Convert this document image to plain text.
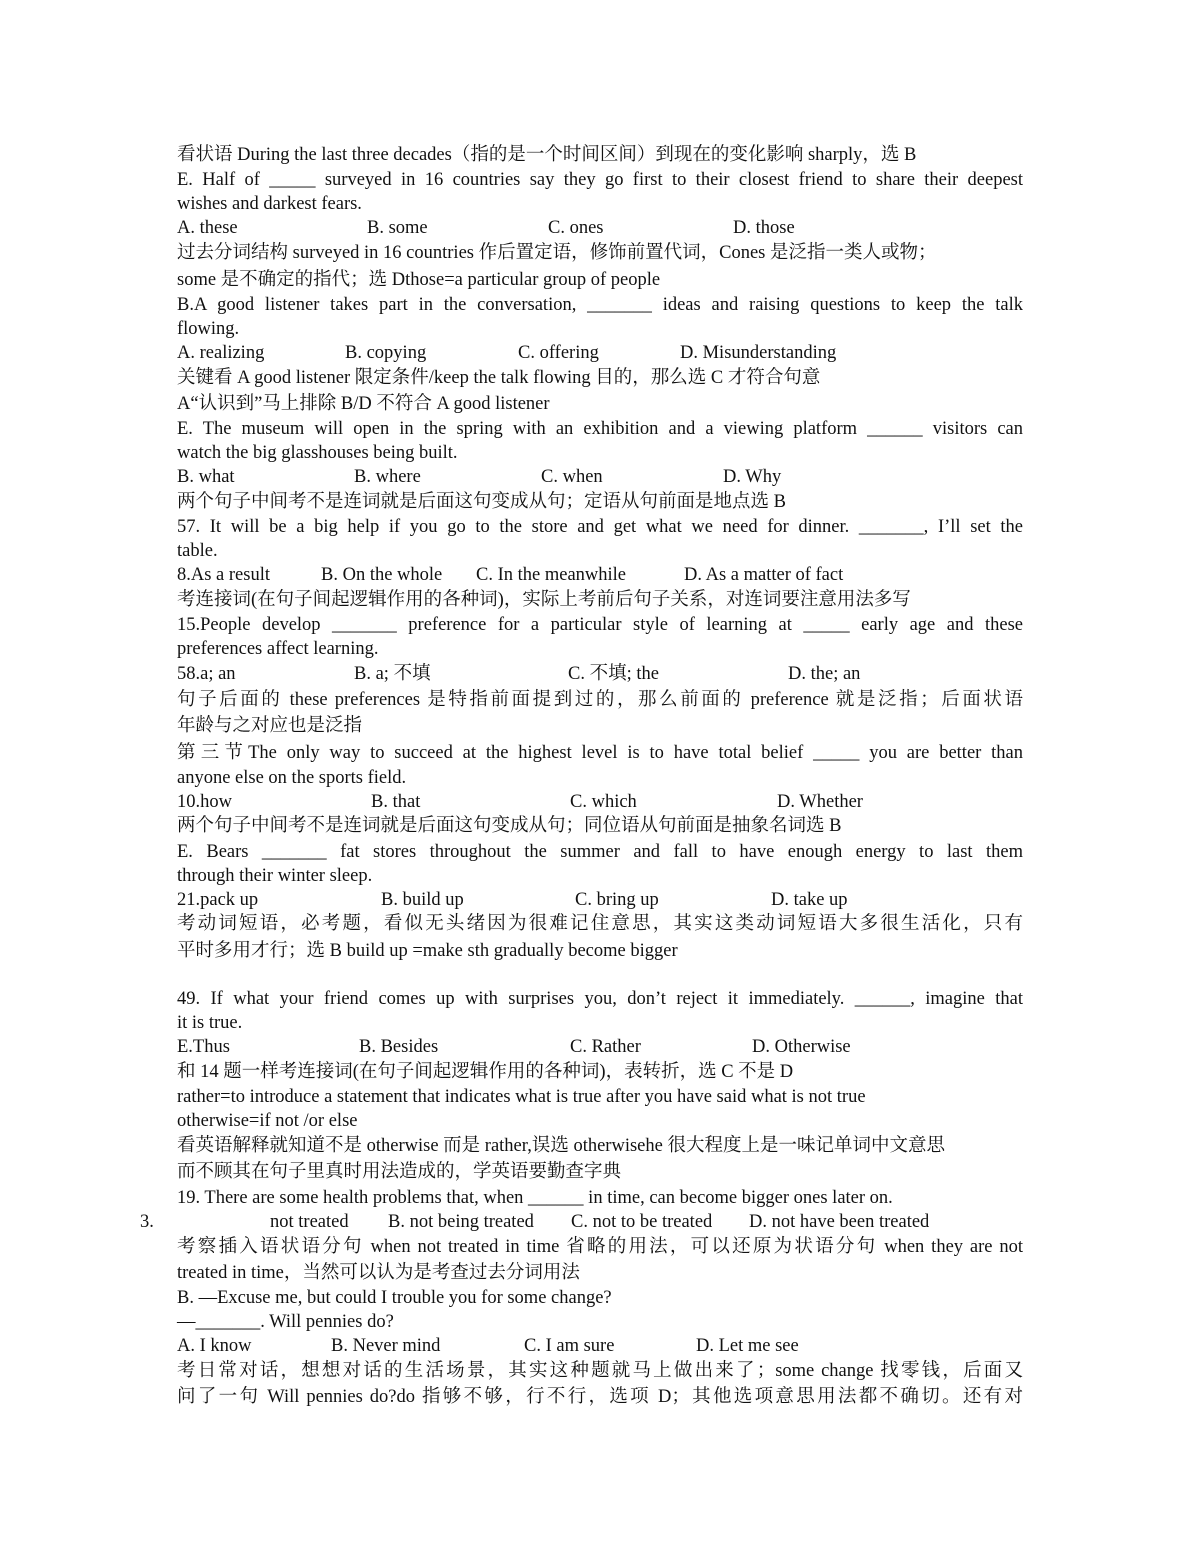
看状语 During the last three decades（指的是一个时间区间）到现在的变化影响 sharply，选 B
E. Half of _____ surveyed in 16 countries say they go first to their closest friend to share their deepest
wishes and darkest fears.
A. these	B. some	C. ones	D. those
过去分词结构 surveyed in 16 countries 作后置定语，修饰前置代词，Cones 是泛指一类人或物；
some 是不确定的指代；选 Dthose=a particular group of people
B.A good listener takes part in the conversation, _______ ideas and raising questions to keep the talk
flowing.
A. realizing	B. copying	C. offering	D. Misunderstanding
关键看 A good listener 限定条件/keep the talk flowing 目的，那么选 C 才符合句意
A“认识到”马上排除 B/D 不符合 A good listener
E. The museum will open in the spring with an exhibition and a viewing platform ______ visitors can
watch the big glasshouses being built.
B. what	B. where	C. when	D. Why
两个句子中间考不是连词就是后面这句变成从句；定语从句前面是地点选 B
57. It will be a big help if you go to the store and get what we need for dinner. _______, I’ll set the
table.
8.As a result	B. On the whole C. In the meanwhile	D. As a matter of fact
考连接词(在句子间起逻辑作用的各种词)，实际上考前后句子关系，对连词要注意用法多写
15.People develop _______ preference for a particular style of learning at _____ early age and these
preferences affect learning.
58.a; an	B. a; 不填	C. 不填; the	D. the; an
句子后面的 these preferences 是特指前面提到过的，那么前面的 preference 就是泛指；后面状语
年龄与之对应也是泛指
第三节The only way to succeed at the highest level is to have total belief _____ you are better than
anyone else on the sports field.
10.how	B. that	C. which	D. Whether
两个句子中间考不是连词就是后面这句变成从句；同位语从句前面是抽象名词选 B
E. Bears _______ fat stores throughout the summer and fall to have enough energy to last them
through their winter sleep.
21.pack up	B. build up	C. bring up	D. take up
考动词短语，必考题，看似无头绪因为很难记住意思，其实这类动词短语大多很生活化，只有
平时多用才行；选 B build up =make sth gradually become bigger
49. If what your friend comes up with surprises you, don’t reject it immediately. ______, imagine that
it is true.
E.Thus	B. Besides	C. Rather	D. Otherwise
和 14 题一样考连接词(在句子间起逻辑作用的各种词)，表转折，选 C 不是 D
rather=to introduce a statement that indicates what is true after you have said what is not true
otherwise=if not /or else
看英语解释就知道不是 otherwise 而是 rather,误选 otherwisehe 很大程度上是一味记单词中文意思
而不顾其在句子里真时用法造成的，学英语要勤查字典
19. There are some health problems that, when ______ in time, can become bigger ones later on.
not treated B. not being treated C. not to be treated D. not have been treated
考察插入语状语分句 when not treated in time 省略的用法，可以还原为状语分句 when they are not
treated in time，当然可以认为是考查过去分词用法
B. —Excuse me, but could I trouble you for some change?
—_______. Will pennies do?
A. I know	B. Never mind	C. I am sure	D. Let me see
考日常对话，想想对话的生活场景，其实这种题就马上做出来了；some change 找零钱，后面又
问了一句 Will pennies do?do 指够不够，行不行，选项 D；其他选项意思用法都不确切。还有对
3.
